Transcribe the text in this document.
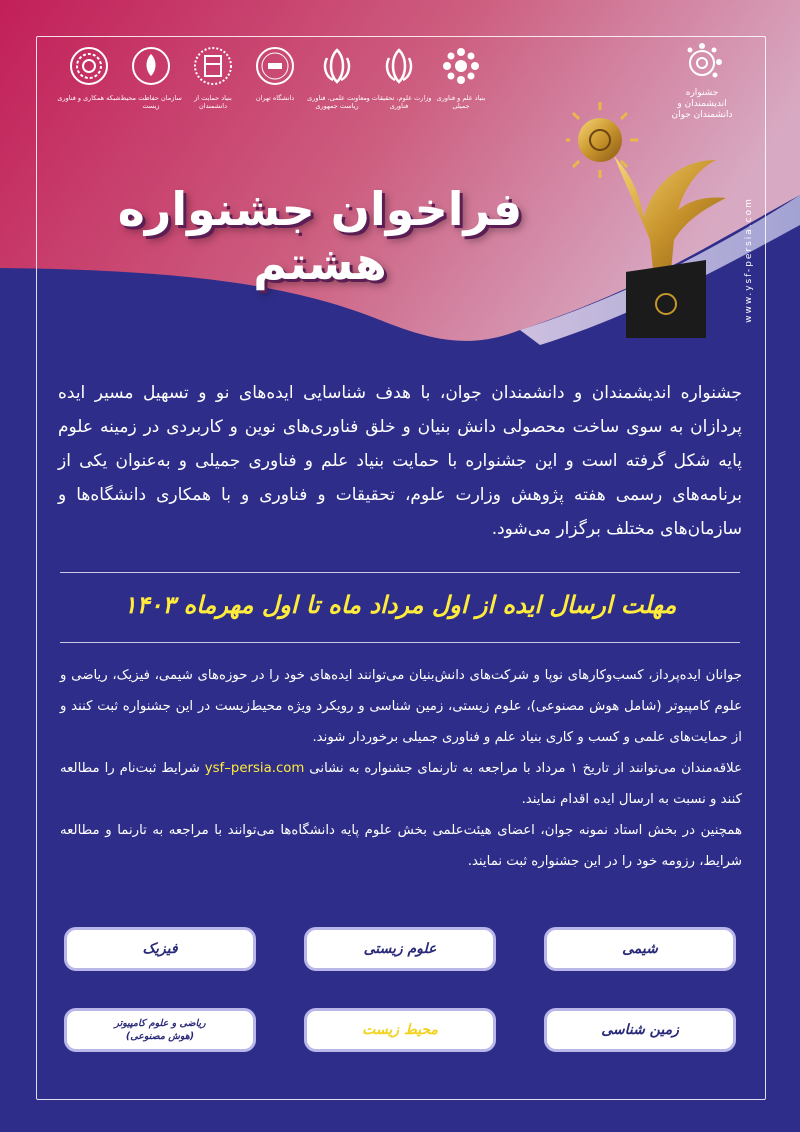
شبکه همکاری و فناوری سازمان حفاظت محیط زیست
بنیاد حمایت از دانشمندان
دانشگاه تهران	معاونت علمی، فناوری ریاست جمهوری
وزارت علوم، تحقیقات و فناوری
بنیاد علم و فناوری جمیلی
جشنواره
اندیشمندان و دانشمندان جوان
www.ysf-persia.com
فراخوان جشنواره هشتم
جشنواره اندیشمندان و دانشمندان جوان، با هدف شناسایی ایده‌های نو و تسهیل مسیر ایده پردازان به سوی ساخت محصولی دانش بنیان و خلق فناوری‌های نوین و کاربردی در زمینه علوم پایه شکل گرفته است و این جشنواره با حمایت بنیاد علم و فناوری جمیلی و به‌عنوان یکی از برنامه‌های رسمی هفته پژوهش وزارت علوم، تحقیقات و فناوری و با همکاری دانشگاه‌ها و سازمان‌های مختلف برگزار می‌شود.
مهلت ارسال ایده از اول مرداد ماه تا اول مهرماه ۱۴۰۳

جوانان ایده‌پرداز، کسب‌وکارهای نوپا و شرکت‌های دانش‌بنیان می‌توانند ایده‌های خود را در حوزه‌های شیمی، فیزیک، ریاضی و علوم کامپیوتر (شامل هوش مصنوعی)، علوم زیستی، زمین شناسی و رویکرد ویژه محیط‌زیست در این جشنواره ثبت کنند و از حمایت‌های علمی و کسب و کاری بنیاد علم و فناوری جمیلی برخوردار شوند.

علاقه‌مندان می‌توانند از تاریخ ۱ مرداد با مراجعه به تارنمای جشنواره به نشانی ysf–persia.com شرایط ثبت‌نام را مطالعه کنند و نسبت به ارسال ایده اقدام نمایند.

همچنین در بخش استاد نمونه جوان، اعضای هیئت‌علمی بخش علوم پایه دانشگاه‌ها می‌توانند با مراجعه به تارنما و مطالعه شرایط، رزومه خود را در این جشنواره ثبت نمایند.

شیمی
علوم زیستی
فیزیک
زمین شناسی
محیط زیست
ریاضی و علوم کامپیوتر
(هوش مصنوعی)
